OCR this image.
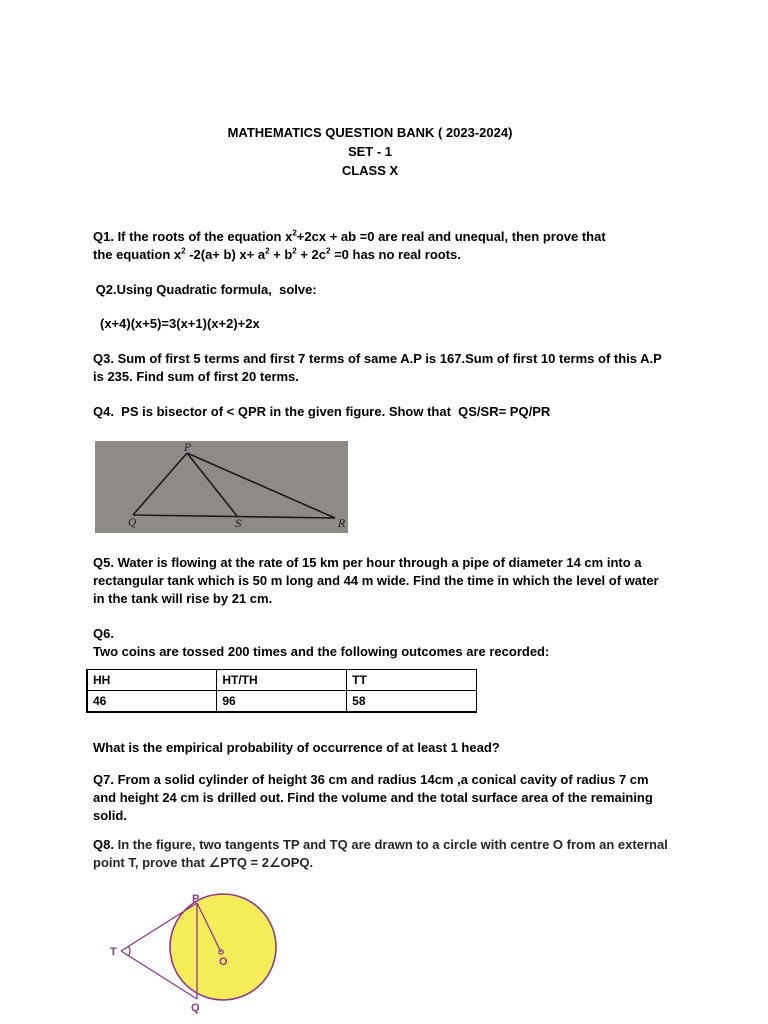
MATHEMATICS QUESTION BANK ( 2023-2024)
SET - 1
CLASS X
Q1. If the roots of the equation $x^2+2cx$ + ab =0 are real and unequal, then prove that
the equation $x^2$ -2(a+ b) $x+ a^2 + b^2 + 2c^2 =0$ has no real roots.
Q2.Using Quadratic formula,  solve:
(x+4)(x+5)=3(x+1)(x+2)+2x
Q3. Sum of first 5 terms and first 7 terms of same A.P is 167.Sum of first 10 terms of this A.P is 235. Find sum of first 20 terms.
Q4.  PS is bisector of < QPR in the given figure. Show that  QS/SR= PQ/PR
P
Q	S	R
Q5. Water is flowing at the rate of 15 km per hour through a pipe of diameter 14 cm into a rectangular tank which is 50 m long and 44 m wide. Find the time in which the level of water in the tank will rise by 21 cm.
Q6.
Two coins are tossed 200 times and the following outcomes are recorded:
HH	HT/TH	TT
46	96	58
What is the empirical probability of occurrence of at least 1 head?
Q7. From a solid cylinder of height 36 cm and radius 14cm ,a conical cavity of radius 7 cm and height 24 cm is drilled out. Find the volume and the total surface area of the remaining solid.
Q8. In the figure, two tangents TP and TQ are drawn to a circle with centre O from an external point T, prove that ∠PTQ = 2∠OPQ.
P
T
O
Q
